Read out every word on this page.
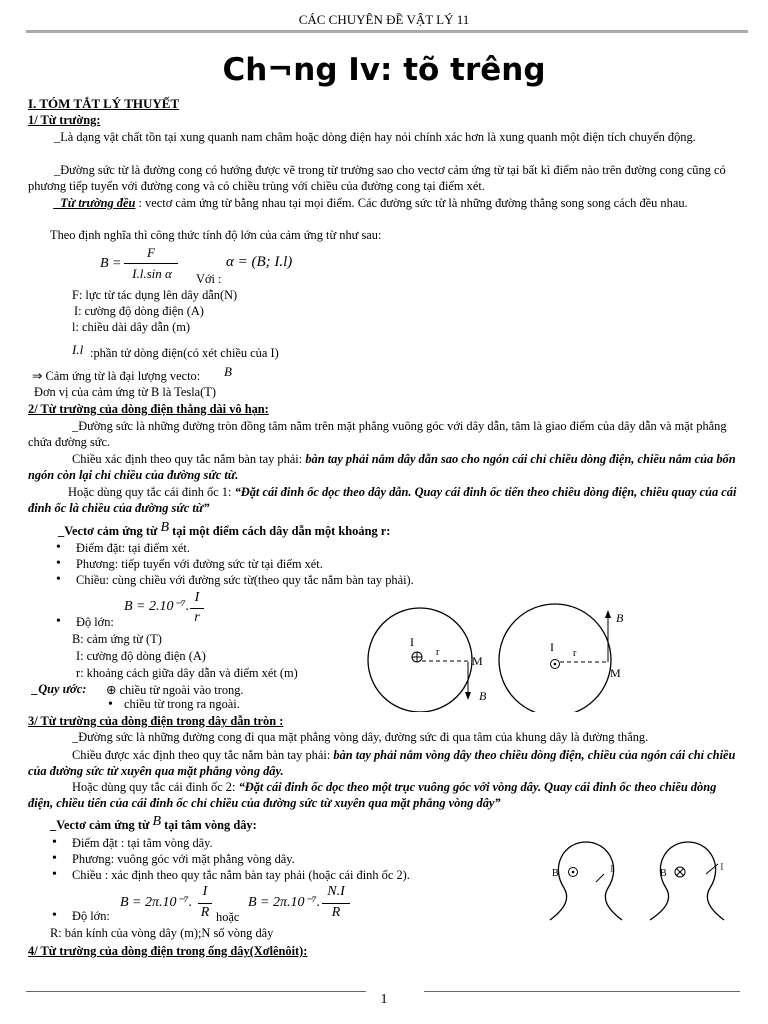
CÁC CHUYÊN ĐỀ VẬT LÝ 11
Ch¬ng Iv: tõ trêng
I. TÓM TẮT LÝ THUYẾT
1/ Từ trường:
_Là dạng vật chất tồn tại xung quanh nam châm hoặc dòng điện hay nói chính xác hơn là xung quanh một điện tích chuyển động.
_Đường sức từ là đường cong có hướng được vẽ trong từ trường sao cho vectơ cảm ứng từ tại bất kì điểm nào trên đường cong cũng có phương tiếp tuyến với đường cong và có chiều trùng với chiều của đường cong tại điểm xét.
_Từ trường đều : vectơ cảm ứng từ bằng nhau tại mọi điểm. Các đường sức từ là những đường thẳng song song cách đều nhau.
Theo định nghĩa thì công thức tính độ lớn của cảm ứng từ như sau:
B =
F
I.l.sin α	Với :
α = (B; I.l)
F: lực từ tác dụng lên dây dẫn(N)
I: cường độ dòng điện (A)
l: chiều dài dây dẫn (m)
I.l :phần tử dòng điện(có xét chiều của I)
⇒ Cảm ứng từ là đại lượng vecto: B
Đơn vị của cảm ứng từ B là Tesla(T)
2/ Từ trường của dòng điện thẳng dài vô hạn:
_Đường sức là những đường tròn đồng tâm nằm trên mặt phẳng vuông góc với dây dẫn, tâm là giao điểm của dây dẫn và mặt phẳng chứa đường sức.
Chiều xác định theo quy tắc nắm bàn tay phải: bàn tay phải nắm dây dẫn sao cho ngón cái chỉ chiều dòng điện, chiều nắm của bốn ngón còn lại chỉ chiều của đường sức từ.
Hoặc dùng quy tắc cái đinh ốc 1: “Đặt cái đinh ốc dọc theo dây dẫn. Quay cái đinh ốc tiến theo chiều dòng điện, chiều quay của cái đinh ốc là chiều của đường sức từ”
_Vectơ cảm ứng từ B tại một điểm cách dây dẫn một khoảng r:
• Điểm đặt: tại điểm xét.
• Phương: tiếp tuyến với đường sức từ tại điểm xét.
• Chiều: cùng chiều với đường sức từ(theo quy tắc nắm bàn tay phải).
B = 2.10⁻⁷.
I
r
• Độ lớn:
B: cảm ứng từ (T)
I: cường độ dòng điện (A)
r: khoảng cách giữa dây dẫn và điểm xét (m)
_Quy ước: ⊕ chiều từ ngoài vào trong.
• chiều từ trong ra ngoài.
I
r
M
B
I r
M
B
3/ Từ trường của dòng điện trong dây dẫn tròn :
_Đường sức là những đường cong đi qua mặt phẳng vòng dây, đường sức đi qua tâm của khung dây là đường thẳng.
Chiều được xác định theo quy tắc nắm bàn tay phải: bàn tay phải nắm vòng dây theo chiều dòng điện, chiều của ngón cái chỉ chiều của đường sức từ xuyên qua mặt phẳng vòng dây.
Hoặc dùng quy tắc cái đinh ốc 2: “Đặt cái đinh ốc dọc theo một trục vuông góc với vòng dây. Quay cái đinh ốc theo chiều dòng điện, chiều tiến của cái đinh ốc chỉ chiều của đường sức từ xuyên qua mặt phẳng vòng dây”
_Vectơ cảm ứng từ B tại tâm vòng dây:
• Điểm đặt : tại tâm vòng dây.
• Phương: vuông góc với mặt phẳng vòng dây.
• Chiều : xác định theo quy tắc nắm bàn tay phải (hoặc cái đinh ốc 2).
B = 2π.10⁻⁷.
I
R hoặc
B = 2π.10⁻⁷.
N.I
R
• Độ lớn:
R: bán kính của vòng dây (m);N số vòng dây
B	I	B
I
4/ Từ trường của dòng điện trong ống dây(Xơlênôit):
1
